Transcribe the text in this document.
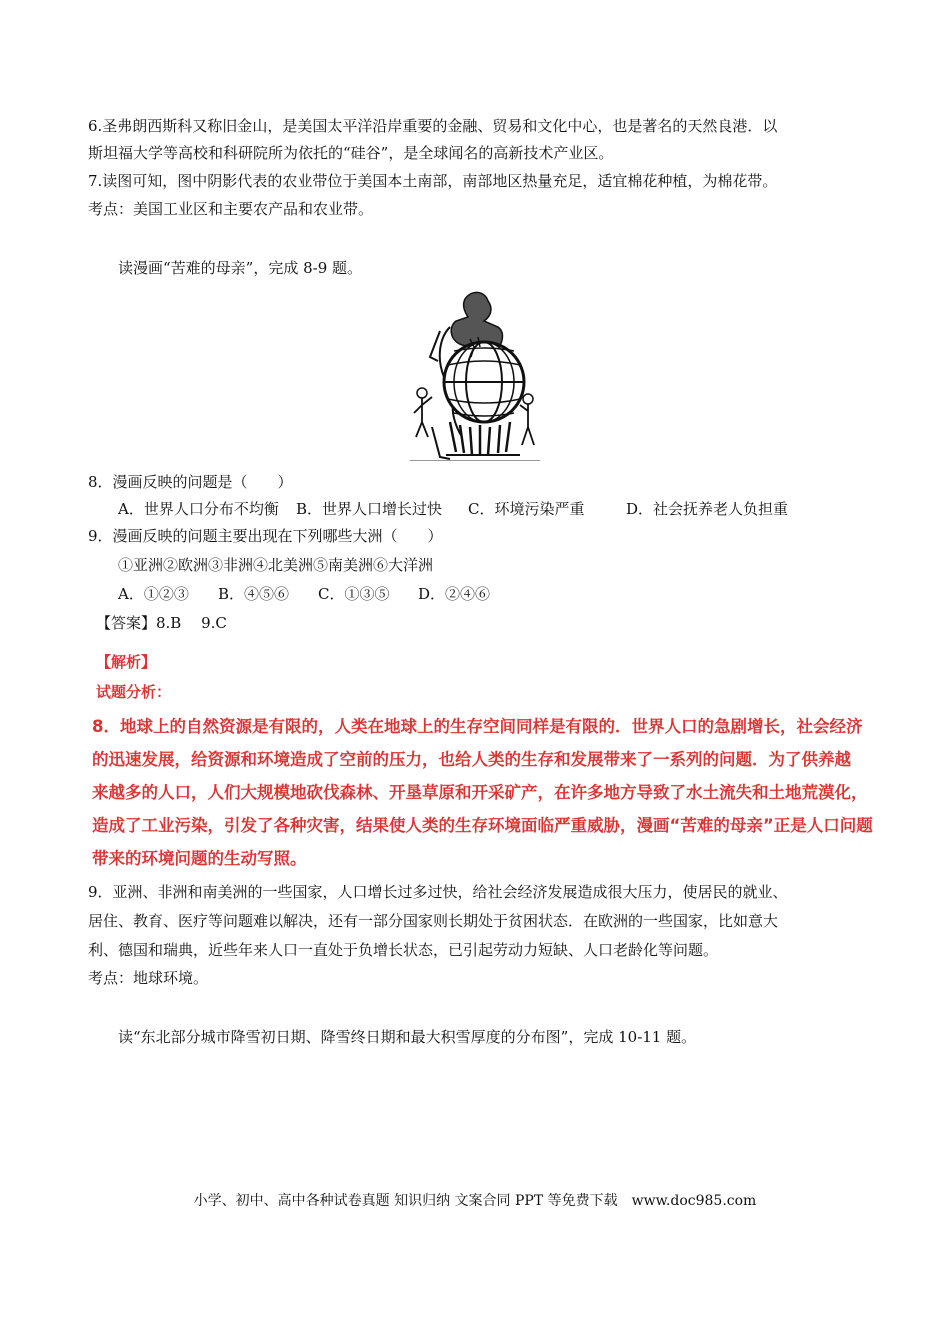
6.圣弗朗西斯科又称旧金山，是美国太平洋沿岸重要的金融、贸易和文化中心，也是著名的天然良港．以
斯坦福大学等高校和科研院所为依托的“硅谷”，是全球闻名的高新技术产业区。
7.读图可知，图中阴影代表的农业带位于美国本土南部，南部地区热量充足，适宜棉花种植，为棉花带。
考点：美国工业区和主要农产品和农业带。
读漫画“苦难的母亲”，完成 8-9 题。
8．漫画反映的问题是（　　）
A．世界人口分布不均衡 B．世界人口增长过快 C．环境污染严重	D．社会抚养老人负担重
9．漫画反映的问题主要出现在下列哪些大洲（　　）
①亚洲②欧洲③非洲④北美洲⑤南美洲⑥大洋洲
A．①②③ B．④⑤⑥ C．①③⑤ D．②④⑥
【答案】8.B　 9.C
【解析】
试题分析：
8．地球上的自然资源是有限的，人类在地球上的生存空间同样是有限的．世界人口的急剧增长，社会经济
的迅速发展，给资源和环境造成了空前的压力，也给人类的生存和发展带来了一系列的问题．为了供养越
来越多的人口，人们大规模地砍伐森林、开垦草原和开采矿产，在许多地方导致了水土流失和土地荒漠化，
造成了工业污染，引发了各种灾害，结果使人类的生存环境面临严重威胁，漫画“苦难的母亲”正是人口问题
带来的环境问题的生动写照。
9．亚洲、非洲和南美洲的一些国家，人口增长过多过快，给社会经济发展造成很大压力，使居民的就业、
居住、教育、医疗等问题难以解决，还有一部分国家则长期处于贫困状态．在欧洲的一些国家，比如意大
利、德国和瑞典，近些年来人口一直处于负增长状态，已引起劳动力短缺、人口老龄化等问题。
考点：地球环境。
读“东北部分城市降雪初日期、降雪终日期和最大积雪厚度的分布图”，完成 10-11 题。
小学、初中、高中各种试卷真题 知识归纳 文案合同 PPT 等免费下载　www.doc985.com
